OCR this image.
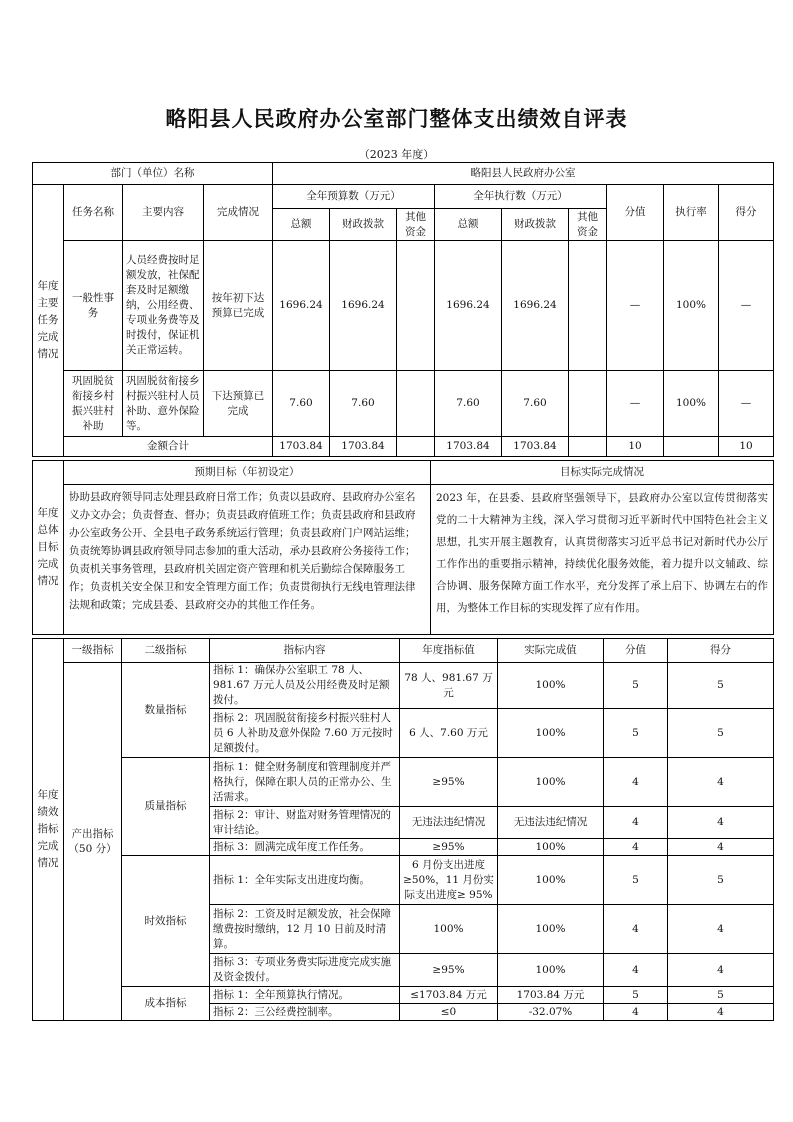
略阳县人民政府办公室部门整体支出绩效自评表
（2023 年度）
部门（单位）名称				略阳县人民政府办公室								
年度主要任务完成情况	任务名称	主要内容	完成情况	全年预算数（万元）			全年执行数（万元）			分值	执行率	得分
				总额	财政拨款	其他资金	总额	财政拨款	其他资金			
	一般性事务	人员经费按时足额发放，社保配套及时足额缴纳，公用经费、专项业务费等及时拨付，保证机关正常运转。	按年初下达预算已完成	1696.24	1696.24		1696.24	1696.24		—	100%	—
	巩固脱贫衔接乡村振兴驻村补助	巩固脱贫衔接乡村振兴驻村人员补助、意外保险等。	下达预算已完成	7.60	7.60		7.60	7.60		—	100%	—
	金额合计			1703.84	1703.84		1703.84	1703.84		10		10
年度总体目标完成情况	预期目标（年初设定）	目标实际完成情况
	协助县政府领导同志处理县政府日常工作；负责以县政府、县政府办公室名义办文办会；负责督查、督办；负责县政府值班工作；负责县政府和县政府办公室政务公开、全县电子政务系统运行管理；负责县政府门户网站运维；负责统筹协调县政府领导同志参加的重大活动，承办县政府公务接待工作；负责机关事务管理，县政府机关固定资产管理和机关后勤综合保障服务工作；负责机关安全保卫和安全管理方面工作；负责贯彻执行无线电管理法律法规和政策；完成县委、县政府交办的其他工作任务。	2023 年，在县委、县政府坚强领导下，县政府办公室以宣传贯彻落实党的二十大精神为主线，深入学习贯彻习近平新时代中国特色社会主义思想，扎实开展主题教育，认真贯彻落实习近平总书记对新时代办公厅工作作出的重要指示精神，持续优化服务效能，着力提升以文辅政、综合协调、服务保障方面工作水平，充分发挥了承上启下、协调左右的作用，为整体工作目标的实现发挥了应有作用。
年度绩效指标完成情况	一级指标	二级指标	指标内容	年度指标值	实际完成值	分值	得分
	产出指标（50 分）	数量指标	指标 1：确保办公室职工 78 人、981.67 万元人员及公用经费及时足额拨付。	78 人、981.67 万元	100%	5	5
			指标 2：巩固脱贫衔接乡村振兴驻村人员 6 人补助及意外保险 7.60 万元按时足额拨付。	6 人、7.60 万元	100%	5	5
		质量指标	指标 1：健全财务制度和管理制度并严格执行，保障在职人员的正常办公、生活需求。	≥95%	100%	4	4
			指标 2：审计、财监对财务管理情况的审计结论。	无违法违纪情况	无违法违纪情况	4	4
			指标 3：圆满完成年度工作任务。	≥95%	100%	4	4
		时效指标	指标 1：全年实际支出进度均衡。	6 月份支出进度≥50%，11 月份实际支出进度≥ 95%	100%	5	5
			指标 2：工资及时足额发放，社会保障缴费按时缴纳，12 月 10 日前及时清算。	100%	100%	4	4
			指标 3：专项业务费实际进度完成实施及资金拨付。	≥95%	100%	4	4
		成本指标	指标 1：全年预算执行情况。	≤1703.84 万元	1703.84 万元	5	5
			指标 2：三公经费控制率。	≤0	-32.07%	4	4
